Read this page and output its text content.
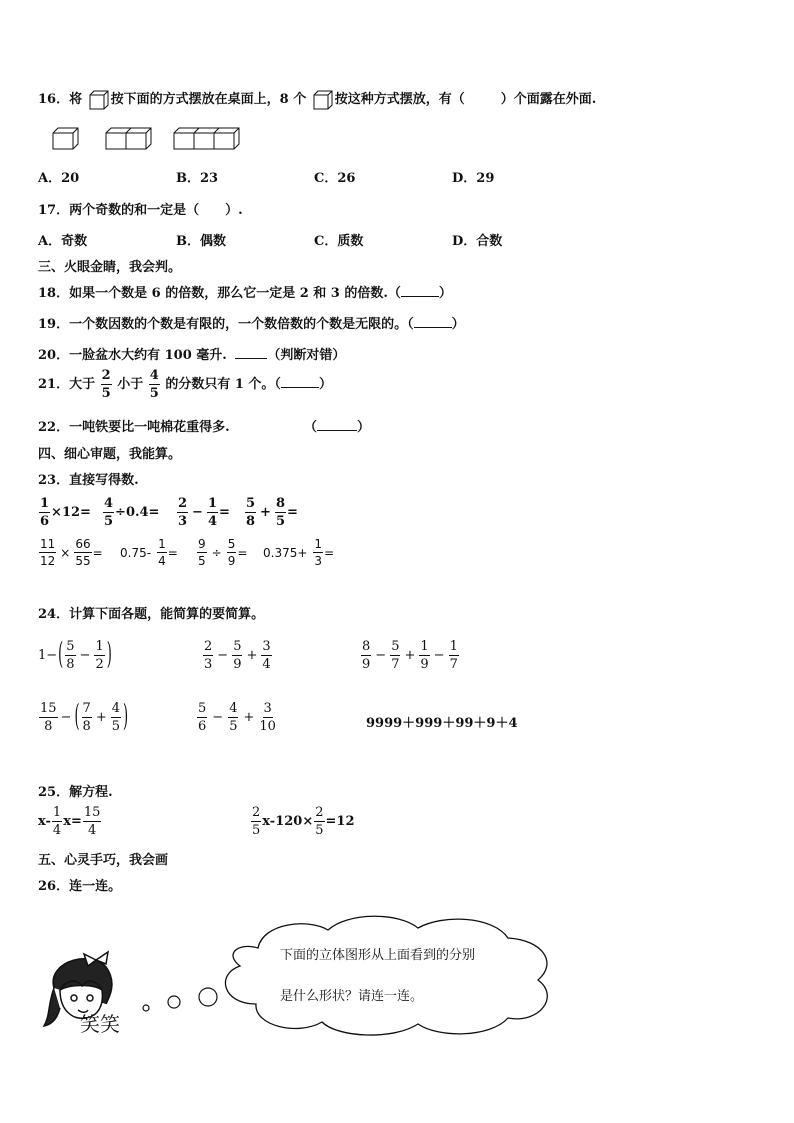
16．将 按下面的方式摆放在桌面上，8 个 按这种方式摆放，有（	）个面露在外面.
A．20	B．23	C．26	D．29
17．两个奇数的和一定是（　　）.
A．奇数	B．偶数	C．质数	D．合数
三、火眼金睛，我会判。
18．如果一个数是 6 的倍数，那么它一定是 2 和 3 的倍数.（	）
19．一个数因数的个数是有限的，一个数倍数的个数是无限的。（	）
20．一脸盆水大约有 100 毫升.	（判断对错）
21．大于 $\frac{2}{5}$ 小于 $\frac{4}{5}$ 的分数只有 1 个。（	）
22．一吨铁要比一吨棉花重得多.	（	）
四、细心审题，我能算。
23．直接写得数.
$\frac{1}{6} \times 12= \frac{4}{5} \div 0.4= \frac{2}{3} - \frac{1}{4} = \frac{5}{8} + \frac{8}{5}$ =
$\frac{11}{12} \times \frac{66}{55} = 0.75- \frac{1}{4} = \frac{9}{5} \div \frac{5}{9} = 0.375+ \frac{1}{3}$ =
24．计算下面各题，能简算的要简算。
1− ( $\frac{5}{8} - \frac{1}{2}$ )	$\frac{2}{3} - \frac{5}{9} + \frac{3}{4}$	$\frac{8}{9} - \frac{5}{7} + \frac{1}{9} - \frac{1}{7}$
$\frac{15}{8}$ − ( $\frac{7}{8} + \frac{4}{5}$ )	$\frac{5}{6} - \frac{4}{5} + \frac{3}{10}$	9999＋999＋99＋9＋4
25．解方程.
$x- \frac{1}{4} x= \frac{15}{4}$	$\frac{2}{5} x-120\times \frac{2}{5} =12$
五、心灵手巧，我会画
26．连一连。
笑笑
下面的立体图形从上面看到的分别
是什么形状？请连一连。
